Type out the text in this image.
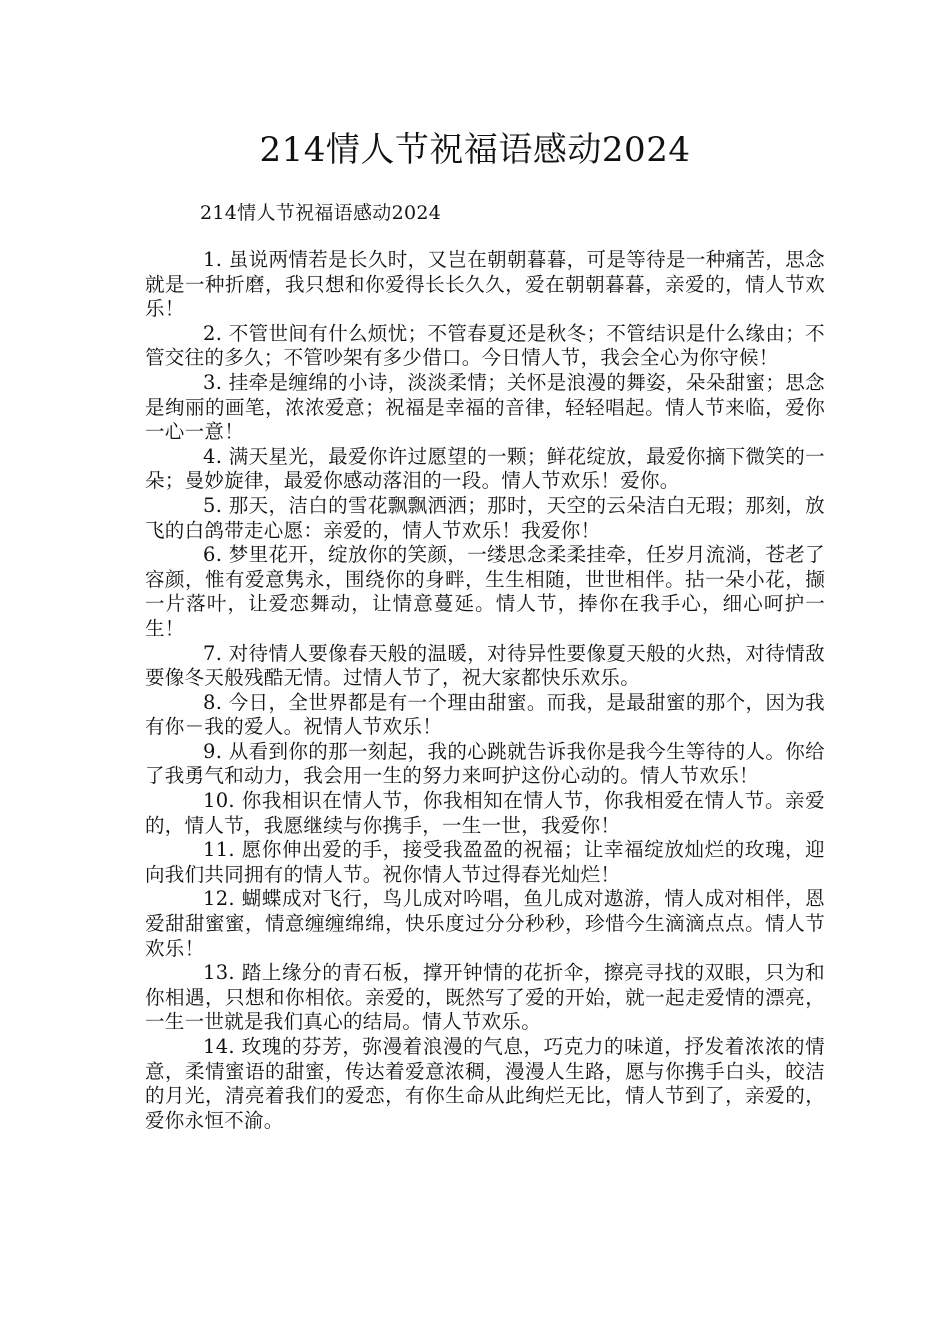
214情人节祝福语感动2024

214情人节祝福语感动2024

1. 虽说两情若是长久时，又岂在朝朝暮暮，可是等待是一种痛苦，思念就是一种折磨，我只想和你爱得长长久久，爱在朝朝暮暮，亲爱的，情人节欢乐！

2. 不管世间有什么烦忧；不管春夏还是秋冬；不管结识是什么缘由；不管交往的多久；不管吵架有多少借口。今日情人节，我会全心为你守候！

3. 挂牵是缠绵的小诗，淡淡柔情；关怀是浪漫的舞姿，朵朵甜蜜；思念是绚丽的画笔，浓浓爱意；祝福是幸福的音律，轻轻唱起。情人节来临，爱你一心一意！

4. 满天星光，最爱你许过愿望的一颗；鲜花绽放，最爱你摘下微笑的一朵；曼妙旋律，最爱你感动落泪的一段。情人节欢乐！爱你。

5. 那天，洁白的雪花飘飘洒洒；那时，天空的云朵洁白无瑕；那刻，放飞的白鸽带走心愿：亲爱的，情人节欢乐！我爱你！

6. 梦里花开，绽放你的笑颜，一缕思念柔柔挂牵，任岁月流淌，苍老了容颜，惟有爱意隽永，围绕你的身畔，生生相随，世世相伴。拈一朵小花，撷一片落叶，让爱恋舞动，让情意蔓延。情人节，捧你在我手心，细心呵护一生！

7. 对待情人要像春天般的温暖，对待异性要像夏天般的火热，对待情敌要像冬天般残酷无情。过情人节了，祝大家都快乐欢乐。

8. 今日，全世界都是有一个理由甜蜜。而我，是最甜蜜的那个，因为我有你－我的爱人。祝情人节欢乐！

9. 从看到你的那一刻起，我的心跳就告诉我你是我今生等待的人。你给了我勇气和动力，我会用一生的努力来呵护这份心动的。情人节欢乐！

10. 你我相识在情人节，你我相知在情人节，你我相爱在情人节。亲爱的，情人节，我愿继续与你携手，一生一世，我爱你！

11. 愿你伸出爱的手，接受我盈盈的祝福；让幸福绽放灿烂的玫瑰，迎向我们共同拥有的情人节。祝你情人节过得春光灿烂！

12. 蝴蝶成对飞行，鸟儿成对吟唱，鱼儿成对遨游，情人成对相伴，恩爱甜甜蜜蜜，情意缠缠绵绵，快乐度过分分秒秒，珍惜今生滴滴点点。情人节欢乐！

13. 踏上缘分的青石板，撑开钟情的花折伞，擦亮寻找的双眼，只为和你相遇，只想和你相依。亲爱的，既然写了爱的开始，就一起走爱情的漂亮，一生一世就是我们真心的结局。情人节欢乐。

14. 玫瑰的芬芳，弥漫着浪漫的气息，巧克力的味道，抒发着浓浓的情意，柔情蜜语的甜蜜，传达着爱意浓稠，漫漫人生路，愿与你携手白头，皎洁的月光，清亮着我们的爱恋，有你生命从此绚烂无比，情人节到了，亲爱的，爱你永恒不渝。
